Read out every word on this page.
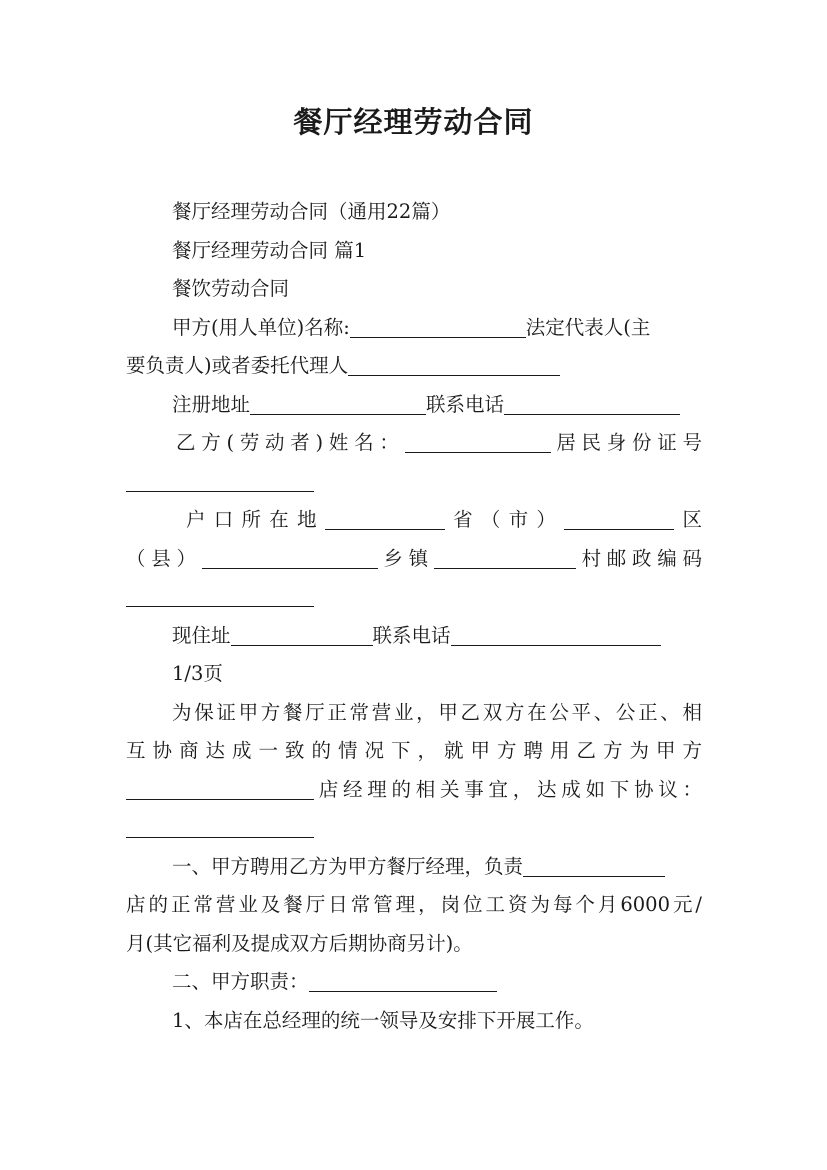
餐厅经理劳动合同

餐厅经理劳动合同（通用22篇）

餐厅经理劳动合同 篇1

餐饮劳动合同

甲方(用人单位)名称:	法定代表人(主

要负责人)或者委托代理人

注册地址	联系电话

乙方(劳动者)姓名：	居民身份证号

户口所在地	省（市）	区

（县）	乡镇	村邮政编码

现住址	联系电话

1/3页

为保证甲方餐厅正常营业，甲乙双方在公平、公正、相

互协商达成一致的情况下，就甲方聘用乙方为甲方

店经理的相关事宜，达成如下协议：

一、甲方聘用乙方为甲方餐厅经理，负责

店的正常营业及餐厅日常管理，岗位工资为每个月6000元/

月(其它福利及提成双方后期协商另计)。

二、甲方职责：

1、本店在总经理的统一领导及安排下开展工作。
